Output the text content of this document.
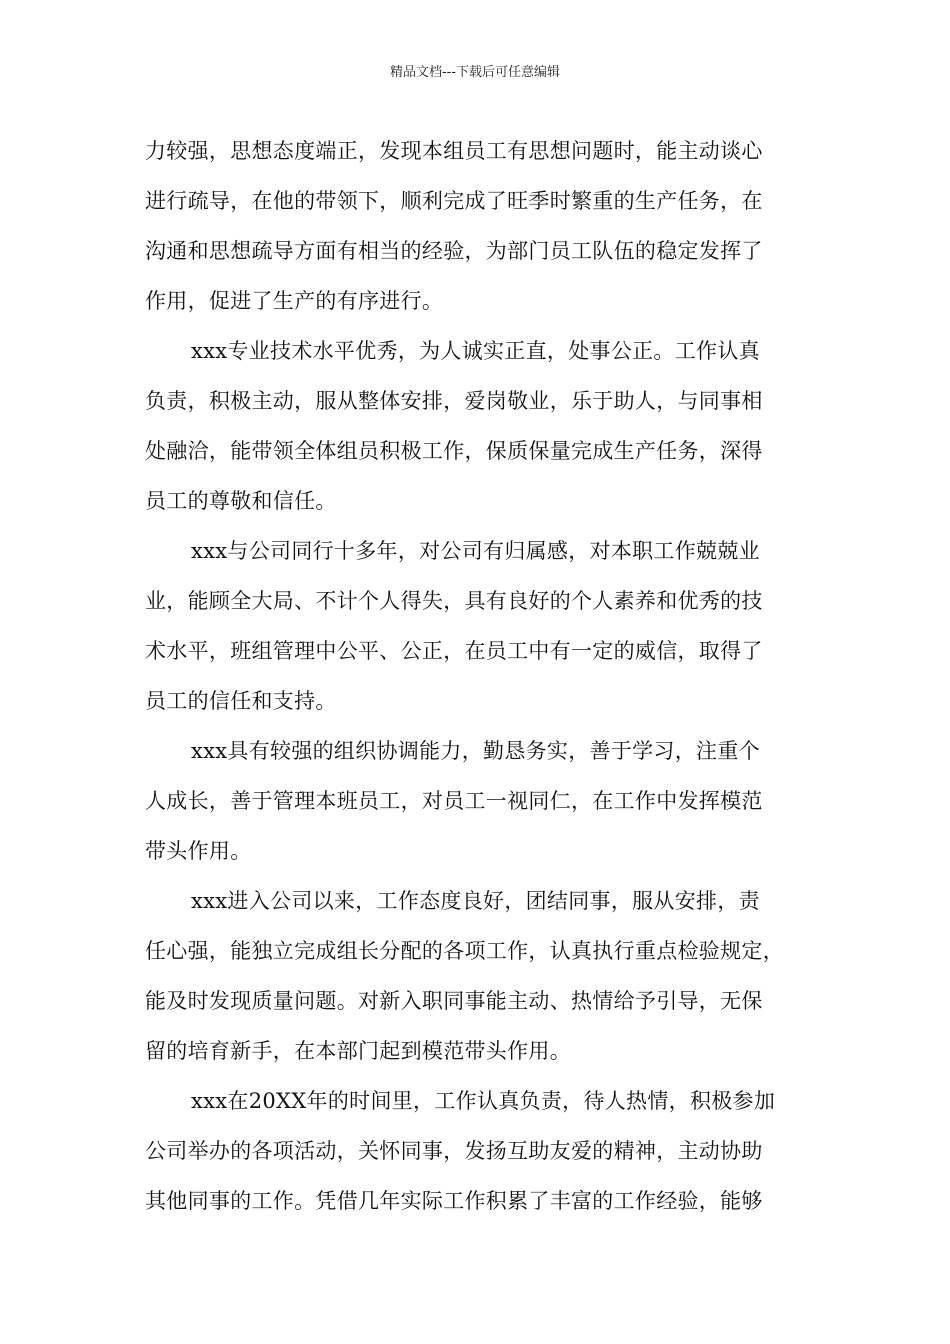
精品文档---下载后可任意编辑
力较强，思想态度端正，发现本组员工有思想问题时，能主动谈心
进行疏导，在他的带领下，顺利完成了旺季时繁重的生产任务，在
沟通和思想疏导方面有相当的经验，为部门员工队伍的稳定发挥了
作用，促进了生产的有序进行。
xxx专业技术水平优秀，为人诚实正直，处事公正。工作认真
负责，积极主动，服从整体安排，爱岗敬业，乐于助人，与同事相
处融洽，能带领全体组员积极工作，保质保量完成生产任务，深得
员工的尊敬和信任。
xxx与公司同行十多年，对公司有归属感，对本职工作兢兢业
业，能顾全大局、不计个人得失，具有良好的个人素养和优秀的技
术水平，班组管理中公平、公正，在员工中有一定的威信，取得了
员工的信任和支持。
xxx具有较强的组织协调能力，勤恳务实，善于学习，注重个
人成长，善于管理本班员工，对员工一视同仁，在工作中发挥模范
带头作用。
xxx进入公司以来，工作态度良好，团结同事，服从安排，责
任心强，能独立完成组长分配的各项工作，认真执行重点检验规定，
能及时发现质量问题。对新入职同事能主动、热情给予引导，无保
留的培育新手，在本部门起到模范带头作用。
xxx在20XX年的时间里，工作认真负责，待人热情，积极参加
公司举办的各项活动，关怀同事，发扬互助友爱的精神，主动协助
其他同事的工作。凭借几年实际工作积累了丰富的工作经验，能够
